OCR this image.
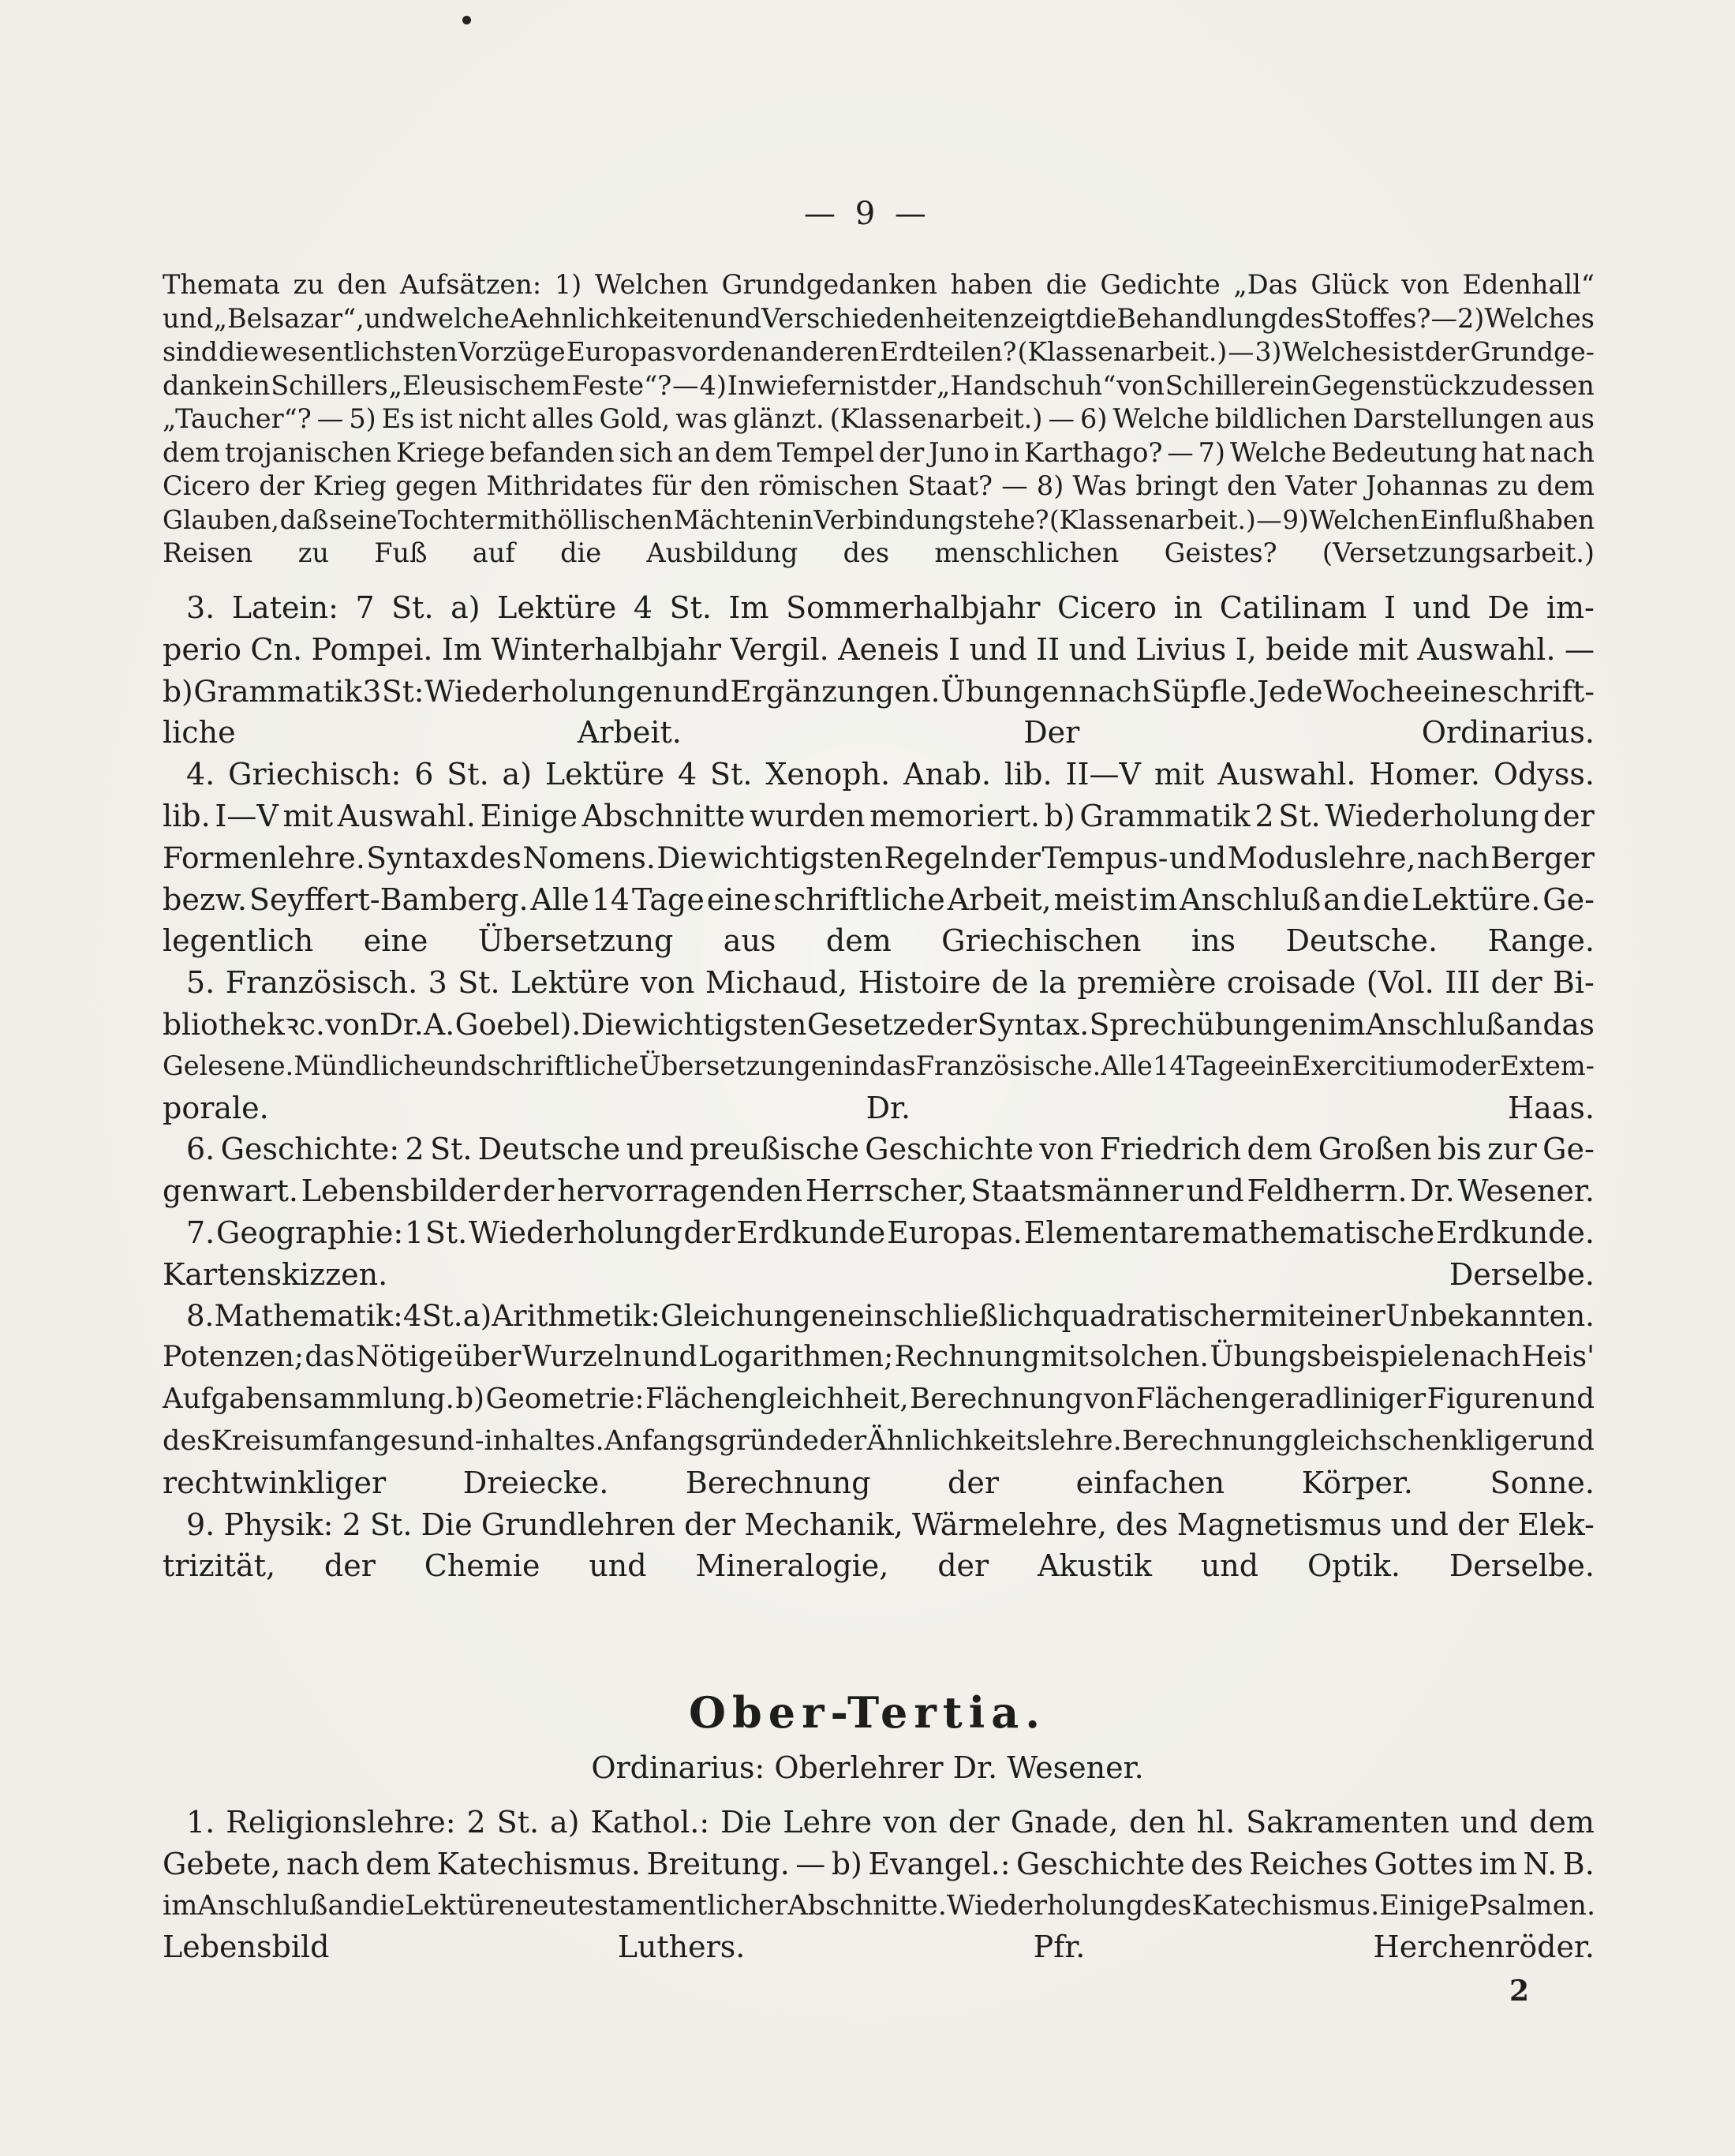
— 9 —
Themata zu den Aufsätzen: 1) Welchen Grundgedanken haben die Gedichte „Das Glück von Edenhall“
und „Belsazar“, und welche Aehnlichkeiten und Verschiedenheiten zeigt die Behandlung des Stoffes? — 2) Welches
sind die wesentlichsten Vorzüge Europas vor den anderen Erdteilen? (Klassenarbeit.) — 3) Welches ist der Grundge-
danke in Schillers „Eleusischem Feste“? — 4) Inwiefern ist der „Handschuh“ von Schiller ein Gegenstück zu dessen
„Taucher“? — 5) Es ist nicht alles Gold, was glänzt. (Klassenarbeit.) — 6) Welche bildlichen Darstellungen aus
dem trojanischen Kriege befanden sich an dem Tempel der Juno in Karthago? — 7) Welche Bedeutung hat nach
Cicero der Krieg gegen Mithridates für den römischen Staat? — 8) Was bringt den Vater Johannas zu dem
Glauben, daß seine Tochter mit höllischen Mächten in Verbindung stehe? (Klassenarbeit.) — 9) Welchen Einfluß haben
Reisen zu Fuß auf die Ausbildung des menschlichen Geistes? (Versetzungsarbeit.)
3. Latein: 7 St. a) Lektüre 4 St. Im Sommerhalbjahr Cicero in Catilinam I und De im-
perio Cn. Pompei. Im Winterhalbjahr Vergil. Aeneis I und II und Livius I, beide mit Auswahl. —
b) Grammatik 3 St: Wiederholungen und Ergänzungen. Übungen nach Süpfle. Jede Woche eine schrift-
liche Arbeit. Der Ordinarius.
4. Griechisch: 6 St. a) Lektüre 4 St. Xenoph. Anab. lib. II—V mit Auswahl. Homer. Odyss.
lib. I—V mit Auswahl. Einige Abschnitte wurden memoriert. b) Grammatik 2 St. Wiederholung der
Formenlehre. Syntax des Nomens. Die wichtigsten Regeln der Tempus- und Moduslehre, nach Berger
bezw. Seyffert-Bamberg. Alle 14 Tage eine schriftliche Arbeit, meist im Anschluß an die Lektüre. Ge-
legentlich eine Übersetzung aus dem Griechischen ins Deutsche. Range.
5. Französisch. 3 St. Lektüre von Michaud, Histoire de la première croisade (Vol. III der Bi-
bliothek ꝛc. von Dr. A. Goebel). Die wichtigsten Gesetze der Syntax. Sprechübungen im Anschluß an das
Gelesene. Mündliche und schriftliche Übersetzungen in das Französische. Alle 14 Tage ein Exercitium oder Extem-
porale. Dr. Haas.
6. Geschichte: 2 St. Deutsche und preußische Geschichte von Friedrich dem Großen bis zur Ge-
genwart. Lebensbilder der hervorragenden Herrscher, Staatsmänner und Feldherrn. Dr. Wesener.
7. Geographie: 1 St. Wiederholung der Erdkunde Europas. Elementare mathematische Erdkunde.
Kartenskizzen. Derselbe.
8. Mathematik: 4 St. a) Arithmetik: Gleichungen einschließlich quadratischer mit einer Unbekannten.
Potenzen; das Nötige über Wurzeln und Logarithmen; Rechnung mit solchen. Übungsbeispiele nach Heis'
Aufgabensammlung. b) Geometrie: Flächengleichheit, Berechnung von Flächen geradliniger Figuren und
des Kreisumfanges und -inhaltes. Anfangsgründe der Ähnlichkeitslehre. Berechnung gleichschenkliger und
rechtwinkliger Dreiecke. Berechnung der einfachen Körper. Sonne.
9. Physik: 2 St. Die Grundlehren der Mechanik, Wärmelehre, des Magnetismus und der Elek-
trizität, der Chemie und Mineralogie, der Akustik und Optik. Derselbe.
Ober-Tertia.
Ordinarius: Oberlehrer Dr. Wesener.
1. Religionslehre: 2 St. a) Kathol.: Die Lehre von der Gnade, den hl. Sakramenten und dem
Gebete, nach dem Katechismus. Breitung. — b) Evangel.: Geschichte des Reiches Gottes im N. B.
im Anschluß an die Lektüre neutestamentlicher Abschnitte. Wiederholung des Katechismus. Einige Psalmen.
Lebensbild Luthers. Pfr. Herchenröder.
2
